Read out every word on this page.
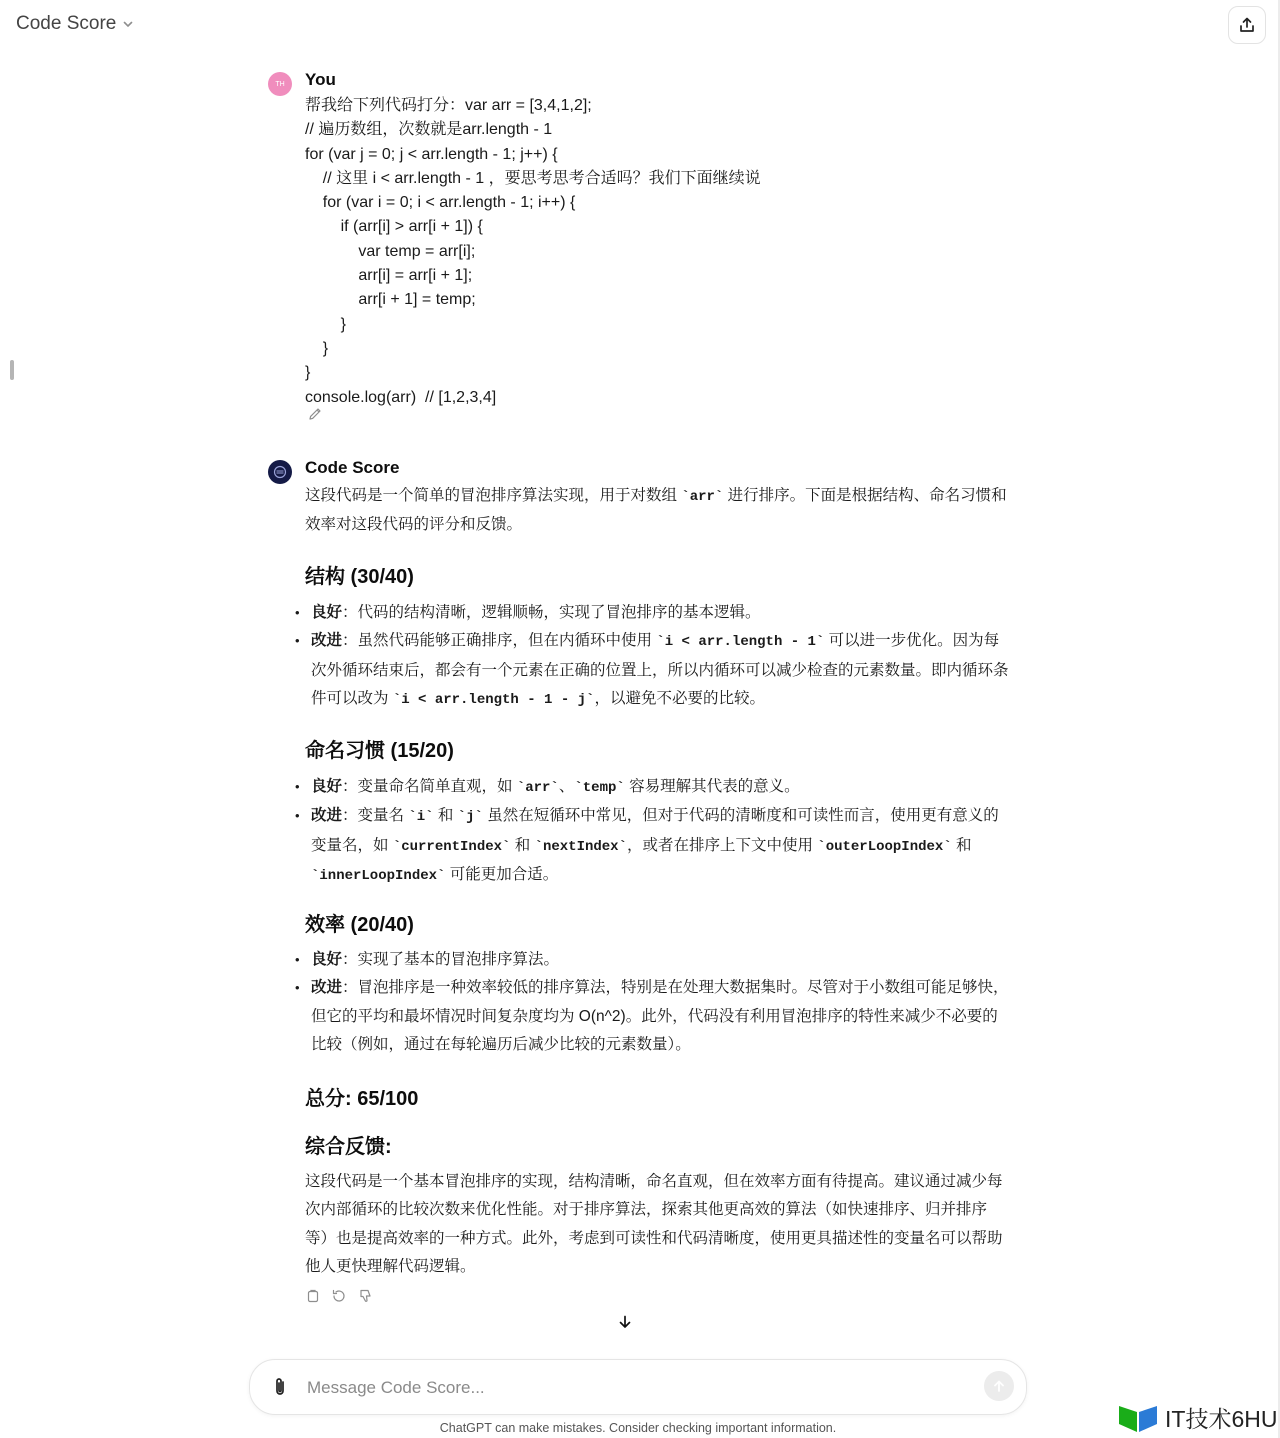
Code Score
TH	You
帮我给下列代码打分：var arr = [3,4,1,2];
// 遍历数组，次数就是arr.length - 1
for (var j = 0; j < arr.length - 1; j++) {
// 这里 i < arr.length - 1 ，要思考思考合适吗？我们下面继续说
for (var i = 0; i < arr.length - 1; i++) {
if (arr[i] > arr[i + 1]) {
var temp = arr[i];
arr[i] = arr[i + 1];
arr[i + 1] = temp;
}
}
}
console.log(arr)  // [1,2,3,4]
Code Score

这段代码是一个简单的冒泡排序算法实现，用于对数组 `arr` 进行排序。下面是根据结构、命名习惯和效率对这段代码的评分和反馈。

结构 (30/40)
• 良好：代码的结构清晰，逻辑顺畅，实现了冒泡排序的基本逻辑。
• 改进：虽然代码能够正确排序，但在内循环中使用 `i < arr.length - 1` 可以进一步优化。因为每次外循环结束后，都会有一个元素在正确的位置上，所以内循环可以减少检查的元素数量。即内循环条件可以改为 `i < arr.length - 1 - j`，以避免不必要的比较。
命名习惯 (15/20)
• 良好：变量命名简单直观，如 `arr`、`temp` 容易理解其代表的意义。
• 改进：变量名 `i` 和 `j` 虽然在短循环中常见，但对于代码的清晰度和可读性而言，使用更有意义的变量名，如 `currentIndex` 和 `nextIndex`，或者在排序上下文中使用 `outerLoopIndex` 和 `innerLoopIndex` 可能更加合适。
效率 (20/40)
• 良好：实现了基本的冒泡排序算法。
• 改进：冒泡排序是一种效率较低的排序算法，特别是在处理大数据集时。尽管对于小数组可能足够快，但它的平均和最坏情况时间复杂度均为 O(n^2)。此外，代码没有利用冒泡排序的特性来减少不必要的比较（例如，通过在每轮遍历后减少比较的元素数量）。
总分: 65/100
综合反馈:

这段代码是一个基本冒泡排序的实现，结构清晰，命名直观，但在效率方面有待提高。建议通过减少每次内部循环的比较次数来优化性能。对于排序算法，探索其他更高效的算法（如快速排序、归并排序等）也是提高效率的一种方式。此外，考虑到可读性和代码清晰度，使用更具描述性的变量名可以帮助他人更快理解代码逻辑。

Message Code Score...
ChatGPT can make mistakes. Consider checking important information.	IT技术6HU
